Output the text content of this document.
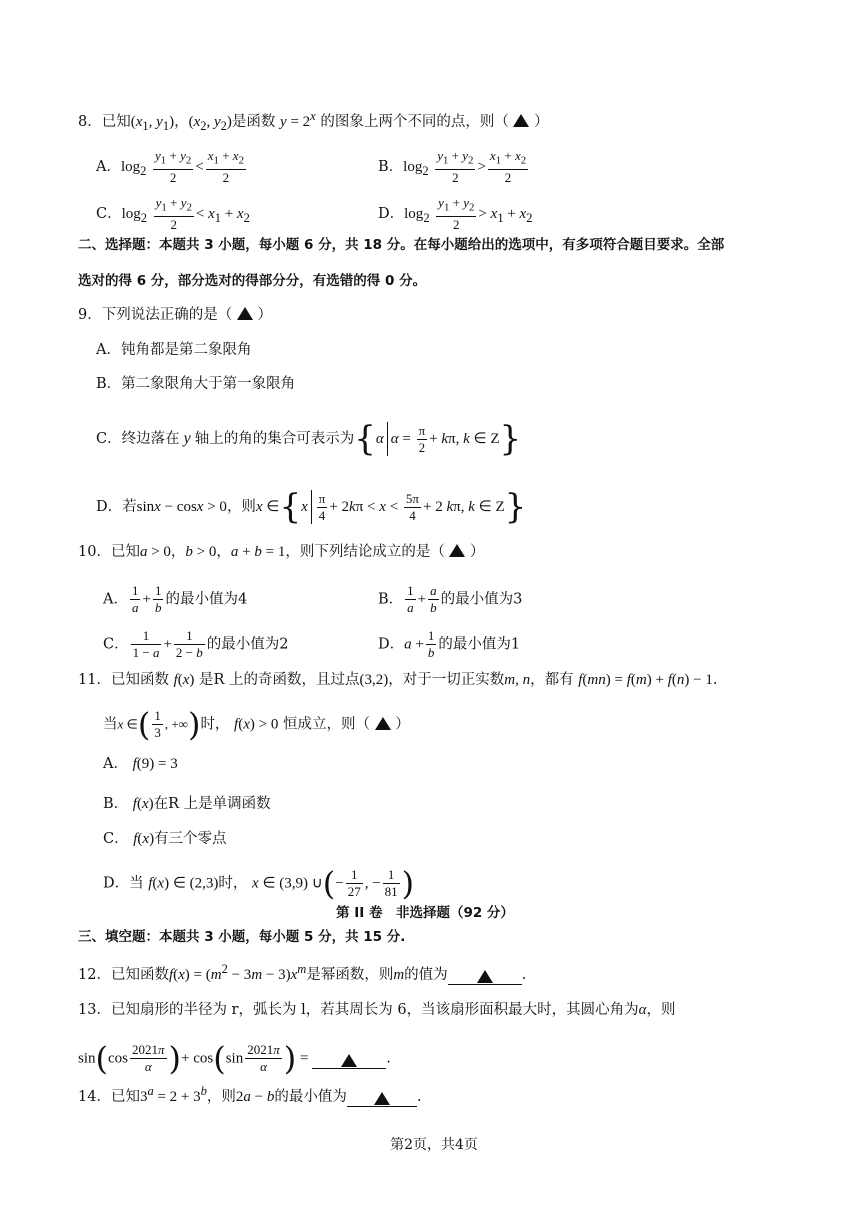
8．已知($x_1$, $y_1$)，($x_2$, $y_2$)是函数 $y = 2^x$ 的图象上两个不同的点，则（ ）
A．$\log_2 \frac{y_1 + y_2}{2} < \frac{x_1 + x_2}{2}$	B．$\log_2 \frac{y_1 + y_2}{2} > \frac{x_1 + x_2}{2}$
C．$\log_2 \frac{y_1 + y_2}{2} < x_1 + x_2$	D．$\log_2 \frac{y_1 + y_2}{2} > x_1 + x_2$
二、选择题：本题共 3 小题，每小题 6 分，共 18 分。在每小题给出的选项中，有多项符合题目要求。全部
选对的得 6 分，部分选对的得部分分，有选错的得 0 分。
9．下列说法正确的是（ ）
A．钝角都是第二象限角
B．第二象限角大于第一象限角
C．终边落在 y 轴上的角的集合可表示为{α $\alpha = \frac{\pi}{2} + k\pi$, k ∈ Z}
D．若sinx − cosx > 0，则x ∈{x $\frac{\pi}{4} + 2k\pi < x < \frac{5\pi}{4} + 2$ kπ, k ∈ Z}
10．已知a > 0，b > 0，a + b = 1，则下列结论成立的是（ ）
A． $\frac{1}{a} + \frac{1}{b}$ 的最小值为4	B． $\frac{1}{a} + \frac{a}{b}$ 的最小值为3
C． $\frac{1}{1 - a} + \frac{1}{2 - b}$ 的最小值为2	D．$a + \frac{1}{b}$ 的最小值为1
11．已知函数 f(x) 是R 上的奇函数，且过点(3,2)，对于一切正实数m, n，都有 f(mn) = f(m) + f(n) − 1.
当x ∈( $\frac{1}{3}$ , +∞)时， f(x) > 0 恒成立，则（ ）
A． f(9) = 3
B． f(x)在R 上是单调函数
C． f(x)有三个零点
D．当 f(x) ∈ (2,3)时， x ∈ (3,9) ∪(− $\frac{1}{27}$ , − $\frac{1}{81}$ )
第 II 卷　非选择题（92 分）
三、填空题：本题共 3 小题，每小题 5 分，共 15 分.
12．已知函数$f(x) = (m^2 - 3m - 3)x^m$是幂函数，则m的值为	.
13．已知扇形的半径为 r，弧长为 l，若其周长为 6，当该扇形面积最大时，其圆心角为α，则
$\sin(\cos \frac{2021\pi}{\alpha}$ )+ $\cos(\sin \frac{2021\pi}{\alpha}$ ) =	.
14．已知$3^a = 2 + 3^b$，则2a − b的最小值为	.
第2页，共4页
